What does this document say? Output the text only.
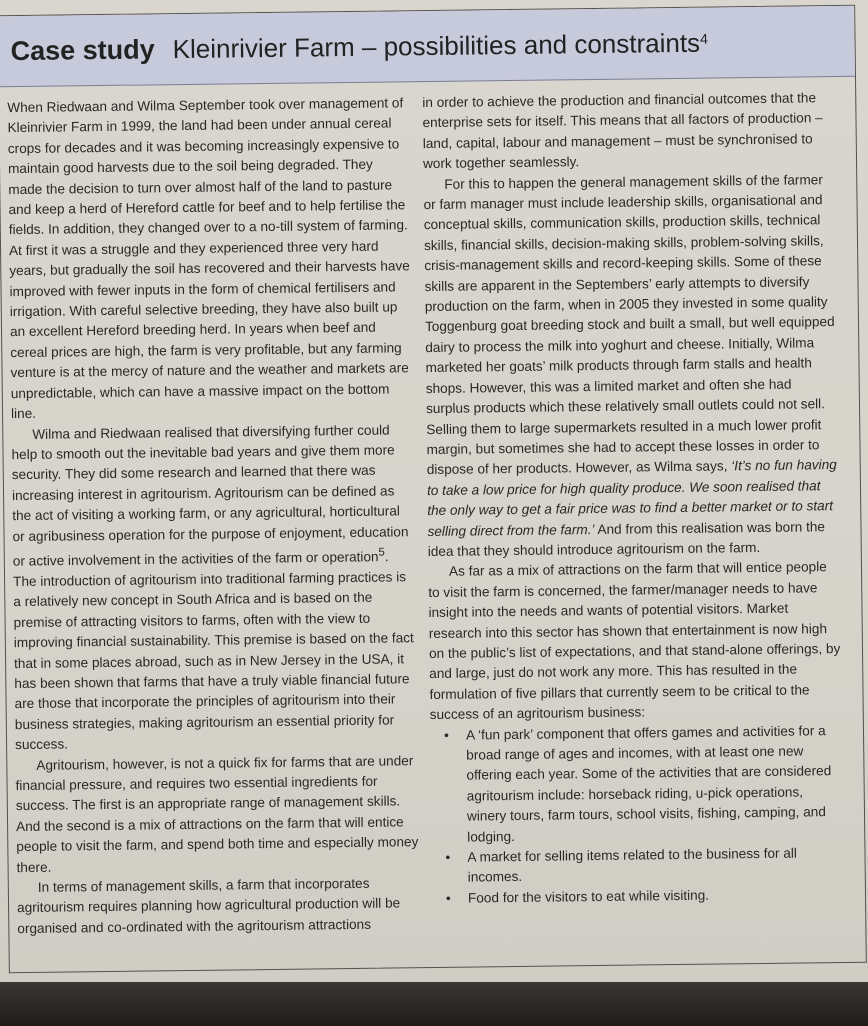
Case study Kleinrivier Farm – possibilities and constraints$^4$

When Riedwaan and Wilma September took over management of Kleinrivier Farm in 1999, the land had been under annual cereal crops for decades and it was becoming increasingly expensive to maintain good harvests due to the soil being degraded. They made the decision to turn over almost half of the land to pasture and keep a herd of Hereford cattle for beef and to help fertilise the fields. In addition, they changed over to a no-till system of farming. At first it was a struggle and they experienced three very hard years, but gradually the soil has recovered and their harvests have improved with fewer inputs in the form of chemical fertilisers and irrigation. With careful selective breeding, they have also built up an excellent Hereford breeding herd. In years when beef and cereal prices are high, the farm is very profitable, but any farming venture is at the mercy of nature and the weather and markets are unpredictable, which can have a massive impact on the bottom line.

Wilma and Riedwaan realised that diversifying further could help to smooth out the inevitable bad years and give them more security. They did some research and learned that there was increasing interest in agritourism. Agritourism can be defined as the act of visiting a working farm, or any agricultural, horticultural or agribusiness operation for the purpose of enjoyment, education or active involvement in the activities of the farm or operation$^5$. The introduction of agritourism into traditional farming practices is a relatively new concept in South Africa and is based on the premise of attracting visitors to farms, often with the view to improving financial sustainability. This premise is based on the fact that in some places abroad, such as in New Jersey in the USA, it has been shown that farms that have a truly viable financial future are those that incorporate the principles of agritourism into their business strategies, making agritourism an essential priority for success.

Agritourism, however, is not a quick fix for farms that are under financial pressure, and requires two essential ingredients for success. The first is an appropriate range of management skills. And the second is a mix of attractions on the farm that will entice people to visit the farm, and spend both time and especially money there.

In terms of management skills, a farm that incorporates agritourism requires planning how agricultural production will be organised and co-ordinated with the agritourism attractions

in order to achieve the production and financial outcomes that the enterprise sets for itself. This means that all factors of production – land, capital, labour and management – must be synchronised to work together seamlessly.

For this to happen the general management skills of the farmer or farm manager must include leadership skills, organisational and conceptual skills, communication skills, production skills, technical skills, financial skills, decision-making skills, problem-solving skills, crisis-management skills and record-keeping skills. Some of these skills are apparent in the Septembers’ early attempts to diversify production on the farm, when in 2005 they invested in some quality Toggenburg goat breeding stock and built a small, but well equipped dairy to process the milk into yoghurt and cheese. Initially, Wilma marketed her goats’ milk products through farm stalls and health shops. However, this was a limited market and often she had surplus products which these relatively small outlets could not sell. Selling them to large supermarkets resulted in a much lower profit margin, but sometimes she had to accept these losses in order to dispose of her products. However, as Wilma says, ‘It’s no fun having to take a low price for high quality produce. We soon realised that the only way to get a fair price was to find a better market or to start selling direct from the farm.’ And from this realisation was born the idea that they should introduce agritourism on the farm.

As far as a mix of attractions on the farm that will entice people to visit the farm is concerned, the farmer/manager needs to have insight into the needs and wants of potential visitors. Market research into this sector has shown that entertainment is now high on the public’s list of expectations, and that stand-alone offerings, by and large, just do not work any more. This has resulted in the formulation of five pillars that currently seem to be critical to the success of an agritourism business:

• A ‘fun park’ component that offers games and activities for a broad range of ages and incomes, with at least one new offering each year. Some of the activities that are considered agritourism include: horseback riding, u-pick operations, winery tours, farm tours, school visits, fishing, camping, and lodging.
• A market for selling items related to the business for all incomes.
• Food for the visitors to eat while visiting.
